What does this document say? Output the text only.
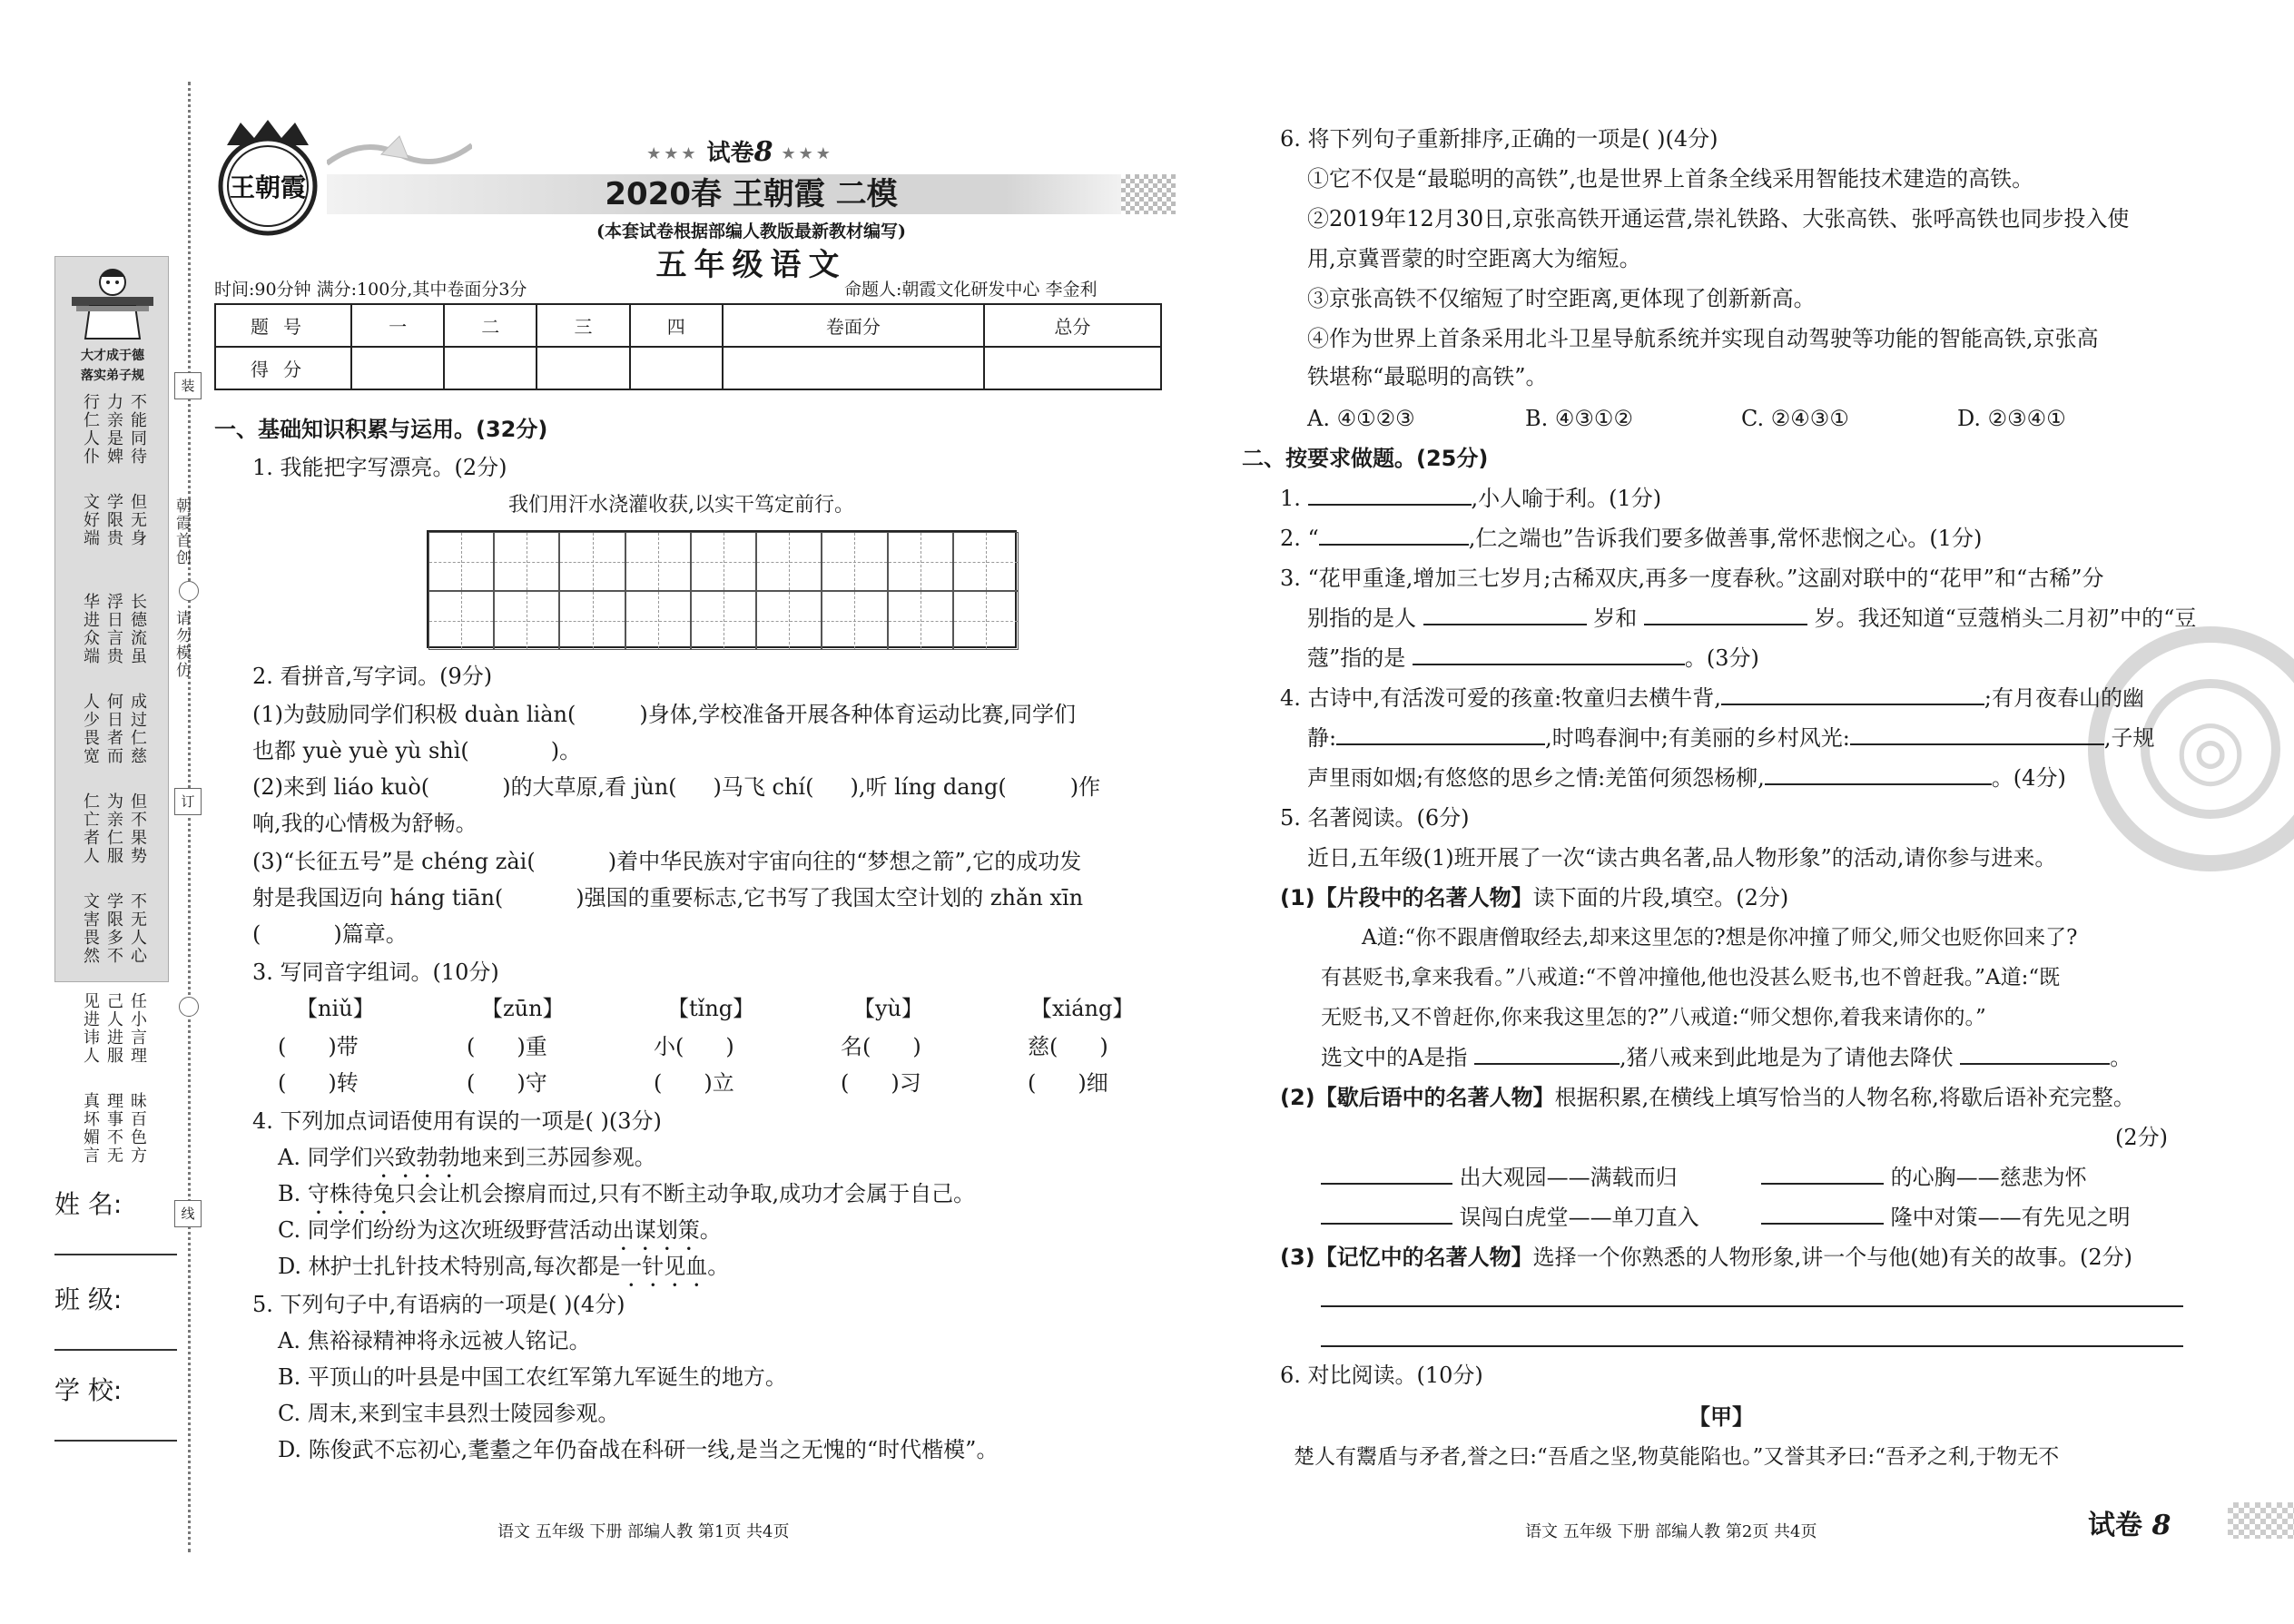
装
朝霞首创
请勿模仿
订
线
大才成于德
落实弟子规
不能同待
力亲是婢
行仁人仆
但无身
学限贵
文好端
长德流虽
浮日言贵
华进众端
成过仁慈
何日者而
人少畏宽
但不果势
为亲仁服
仁亡者人
不无人心
学限多不
文害畏然
任小言理
己人进服
见进讳人
昧百色方
理事不无
真坏媚言
姓 名:
班 级:
学 校:
王朝霞
★★★ 试卷8 ★★★
2020春 王朝霞 二模
(本套试卷根据部编人教版最新教材编写)
五年级语文
时间:90分钟 满分:100分,其中卷面分3分	命题人:朝霞文化研发中心 李金利
题号	一	二	三	四	卷面分	总分
得分						
一、基础知识积累与运用。(32分)
1. 我能把字写漂亮。(2分)
我们用汗水浇灌收获,以实干笃定前行。
2. 看拼音,写字词。(9分)
(1)为鼓励同学们积极 duàn liàn(	)身体,学校准备开展各种体育运动比赛,同学们
也都 yuè yuè yù shì(	)。
(2)来到 liáo kuò(	)的大草原,看 jùn( )马飞 chí( ),听 líng dang(	)作
响,我的心情极为舒畅。
(3)“长征五号”是 chéng zài(	)着中华民族对宇宙向往的“梦想之箭”,它的成功发
射是我国迈向 háng tiān(	)强国的重要标志,它书写了我国太空计划的 zhǎn xīn
(	)篇章。
3. 写同音字组词。(10分)
【niǔ】	【zūn】	【tǐng】	【yù】	【xiáng】
( )带	( )重	小( )	名( )	慈( )
( )转	( )守	( )立	( )习	( )细
4. 下列加点词语使用有误的一项是( )(3分)
A. 同学们兴致勃勃地来到三苏园参观。
B. 守株待兔只会让机会擦肩而过,只有不断主动争取,成功才会属于自己。
C. 同学们纷纷为这次班级野营活动出谋划策。
D. 林护士扎针技术特别高,每次都是一针见血。
5. 下列句子中,有语病的一项是( )(4分)
A. 焦裕禄精神将永远被人铭记。
B. 平顶山的叶县是中国工农红军第九军诞生的地方。
C. 周末,来到宝丰县烈士陵园参观。
D. 陈俊武不忘初心,耄耋之年仍奋战在科研一线,是当之无愧的“时代楷模”。
语文 五年级 下册 部编人教 第1页 共4页
◎
6. 将下列句子重新排序,正确的一项是( )(4分)
①它不仅是“最聪明的高铁”,也是世界上首条全线采用智能技术建造的高铁。
②2019年12月30日,京张高铁开通运营,崇礼铁路、大张高铁、张呼高铁也同步投入使
用,京冀晋蒙的时空距离大为缩短。
③京张高铁不仅缩短了时空距离,更体现了创新新高。
④作为世界上首条采用北斗卫星导航系统并实现自动驾驶等功能的智能高铁,京张高
铁堪称“最聪明的高铁”。
A. ④①②③	B. ④③①②	C. ②④③①	D. ②③④①
二、按要求做题。(25分)
1.	,小人喻于利。(1分)
2. “	,仁之端也”告诉我们要多做善事,常怀悲悯之心。(1分)
3. “花甲重逢,增加三七岁月;古稀双庆,再多一度春秋。”这副对联中的“花甲”和“古稀”分
别指的是人	岁和	岁。我还知道“豆蔻梢头二月初”中的“豆
蔻”指的是	。(3分)
4. 古诗中,有活泼可爱的孩童:牧童归去横牛背,	;有月夜春山的幽
静:	,时鸣春涧中;有美丽的乡村风光:	,子规
声里雨如烟;有悠悠的思乡之情:羌笛何须怨杨柳,	。(4分)
5. 名著阅读。(6分)
近日,五年级(1)班开展了一次“读古典名著,品人物形象”的活动,请你参与进来。
(1)【片段中的名著人物】读下面的片段,填空。(2分)
A道:“你不跟唐僧取经去,却来这里怎的?想是你冲撞了师父,师父也贬你回来了?
有甚贬书,拿来我看。”八戒道:“不曾冲撞他,他也没甚么贬书,也不曾赶我。”A道:“既
无贬书,又不曾赶你,你来我这里怎的?”八戒道:“师父想你,着我来请你的。”
选文中的A是指	,猪八戒来到此地是为了请他去降伏	。
(2)【歇后语中的名著人物】根据积累,在横线上填写恰当的人物名称,将歇后语补充完整。
(2分)
出大观园——满载而归	的心胸——慈悲为怀
误闯白虎堂——单刀直入	隆中对策——有先见之明
(3)【记忆中的名著人物】选择一个你熟悉的人物形象,讲一个与他(她)有关的故事。(2分)
6. 对比阅读。(10分)
【甲】
楚人有鬻盾与矛者,誉之曰:“吾盾之坚,物莫能陷也。”又誉其矛曰:“吾矛之利,于物无不
语文 五年级 下册 部编人教 第2页 共4页	试卷 8
